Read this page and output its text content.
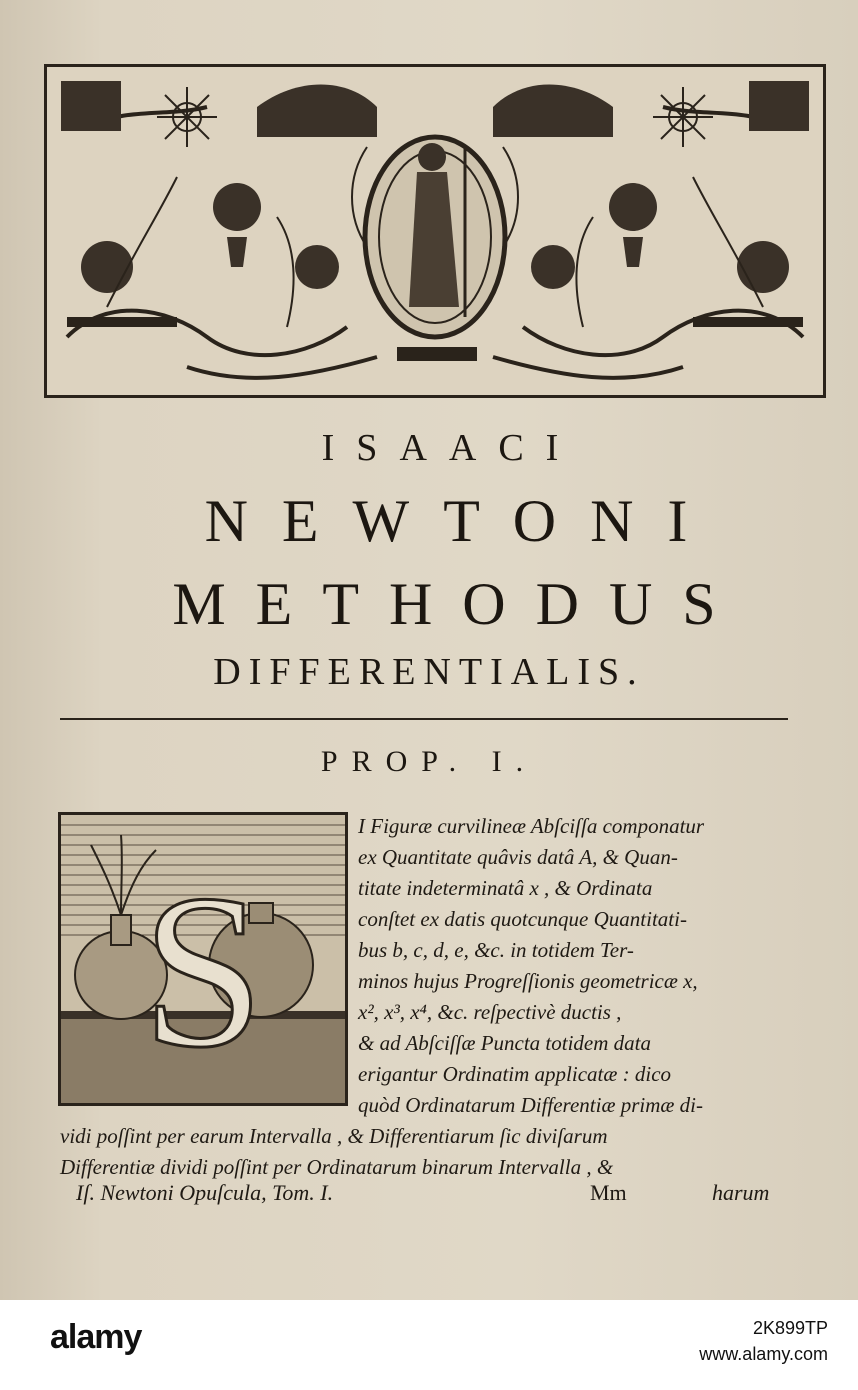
ISAACI
NEWTONI
METHODUS
DIFFERENTIALIS.
PROP. I.
S
I Figuræ curvilineæ Abſciſſa componatur
ex Quantitate quâvis datâ A, & Quan-
titate indeterminatâ x , & Ordinata
conſtet ex datis quotcunque Quantitati-
bus b, c, d, e, &c. in totidem Ter-
minos hujus Progreſſionis geometricæ x,
x², x³, x⁴, &c. reſpectivè ductis ,
& ad Abſciſſæ Puncta totidem data
erigantur Ordinatim applicatæ : dico
quòd Ordinatarum Differentiæ primæ di-
vidi poſſint per earum Intervalla , & Differentiarum ſic diviſarum
Differentiæ dividi poſſint per Ordinatarum binarum Intervalla , &
Iſ. Newtoni Opuſcula, Tom. I.	Mm	harum
alamy	2K899TP
www.alamy.com
